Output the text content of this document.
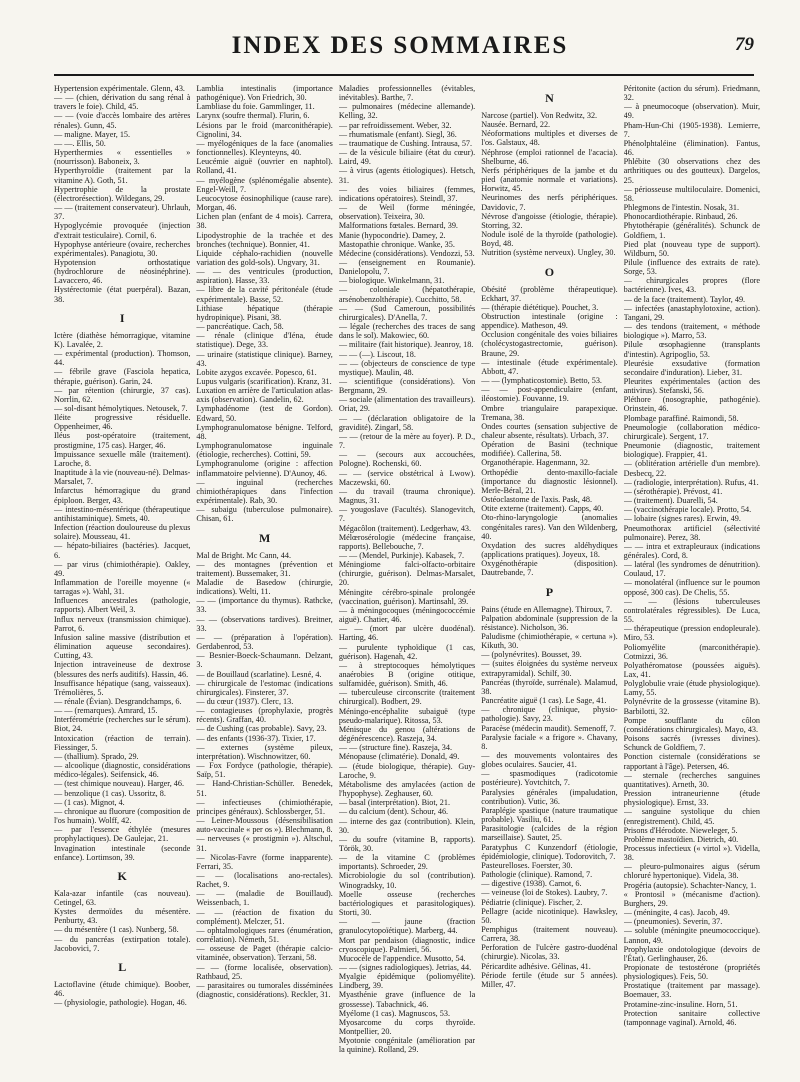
INDEX DES SOMMAIRES	79
Hypertension expérimentale. Glenn, 43.
— — (chien, dérivation du sang rénal à travers le foie). Child, 45.
— — (voie d'accès lombaire des artères rénales). Gunn, 45.
— maligne. Mayer, 15.
— —. Ellis, 50.
Hyperthermies « essentielles » (nourrisson). Baboneix, 3.
Hyperthyroïdie (traitement par la vitamine A). Goth, 51.
Hypertrophie de la prostate (électrorésection). Wildegans, 29.
— — (traitement conservateur). Uhrlauh, 37.
Hypoglycémie provoquée (injection d'extrait testiculaire). Cornil, 6.
Hypophyse antérieure (ovaire, recherches expérimentales). Panagiotu, 30.
Hypotension orthostatique (hydrochlorure de néosinéphrine). Lavaccero, 46.
Hystérectomie (état puerpéral). Bazan, 38.
I
Ictère (diathèse hémorragique, vitamine K). Lavalée, 2.
— expérimental (production). Thomson, 44.
— fébrile grave (Fasciola hepatica, thérapie, guérison). Garin, 24.
— par rétention (chirurgie, 37 cas). Norrlin, 62.
— sol-disant hémolytiques. Netousek, 7.
Iléite progressive résiduelle. Oppenheimer, 46.
Iléus post-opératoire (traitement, prostigmine, 175 cas). Harger, 46.
Impuissance sexuelle mâle (traitement). Laroche, 8.
Inaptitude à la vie (nouveau-né). Delmas-Marsalet, 7.
Infarctus hémorragique du grand épiploon. Berger, 43.
— intestino-mésentérique (thérapeutique antihistaminique). Smets, 40.
Infection (réaction douloureuse du plexus solaire). Mousseau, 41.
— hépato-biliaires (bactéries). Jacquet, 6.
— par virus (chimiothérapie). Oakley, 49.
Inflammation de l'oreille moyenne (« tarragas »). Wahl, 31.
Influences ancestrales (pathologie, rapports). Albert Weil, 3.
Influx nerveux (transmission chimique). Parrot, 6.
Infusion saline massive (distribution et élimination aqueuse secondaires). Cutting, 43.
Injection intraveineuse de dextrose (blessures des nerfs auditifs). Hassin, 46.
Insuffisance hépatique (sang, vaisseaux). Trémolières, 5.
— rénale (Évian). Desgrandchamps, 6.
— — (remarques). Amrard, 15.
Interférométrie (recherches sur le sérum). Biot, 24.
Intoxication (réaction de terrain). Fiessinger, 5.
— (thallium). Sprado, 29.
— alcoolique (diagnostic, considérations médico-légales). Seifensick, 46.
— (test chimique nouveau). Harger, 46.
— benzolique (1 cas). Ussoritz, 8.
— (1 cas). Mignot, 4.
— chronique au fluorure (composition de l'os humain). Wolff, 42.
— par l'essence éthylée (mesures prophylactiques). De Gaulejac, 21.
Invagination intestinale (seconde enfance). Lortimson, 39.
K
Kala-azar infantile (cas nouveau). Cetingel, 63.
Kystes dermoïdes du mésentère. Penburty, 43.
— du mésentère (1 cas). Nunberg, 58.
— du pancréas (extirpation totale). Jacobovici, 7.
L
Lactoflavine (étude chimique). Boober, 46.
— (physiologie, pathologie). Hogan, 46.
Lamblia intestinalis (importance pathogénique). Von Friedrich, 30.
Lambliase du foie. Gammlinger, 11.
Larynx (soufre thermal). Flurin, 6.
Lésions par le froid (marconithérapie). Cignolini, 34.
— myélogéniques de la face (anomalies fonctionnelles). Kleynteyns, 40.
Leucémie aiguë (ouvrier en naphtol). Rolland, 41.
— myélogène (splénomégalie absente). Engel-Weill, 7.
Leucocytose éosinophilique (cause rare). Morgan, 46.
Lichen plan (enfant de 4 mois). Carrera, 38.
Lipodystrophie de la trachée et des bronches (technique). Bonnier, 41.
Liquide céphalo-rachidien (nouvelle variation des gold-sols). Ungvary, 31.
— — des ventricules (production, aspiration). Hasse, 33.
— libre de la cavité péritonéale (étude expérimentale). Basse, 52.
Lithiase hépatique (thérapie hydropinique). Pisani, 38.
— pancréatique. Cach, 58.
— rénale (clinique d'Iéna, étude statistique). Dege, 33.
— urinaire (statistique clinique). Barney, 43.
Lobite azygos excavée. Popesco, 61.
Lupus vulgaris (scarification). Kranz, 31.
Luxation en arrière de l'articulation atlas-axis (observation). Gandelin, 62.
Lymphadénome (test de Gordon). Edward, 50.
Lymphogranulomatose bénigne. Telford, 48.
Lymphogranulomatose inguinale (étiologie, recherches). Cottini, 59.
Lymphogranulome (origine : affection inflammatoire pelvienne). D'Aunoy, 46.
— inguinal (recherches chimiothérapiques dans l'infection expérimentale). Rab, 30.
— subaigu (tuberculose pulmonaire). Chisan, 61.
M
Mal de Bright. Mc Cann, 44.
— des montagnes (prévention et traitement). Bussemaker, 31.
Maladie de Basedow (chirurgie, indications). Welti, 11.
— — (importance du thymus). Rathcke, 33.
— — (observations tardives). Breitner, 33.
— — (préparation à l'opération). Gerdabenrod, 53.
— Besnier-Boeck-Schaumann. Delzant, 3.
— de Bouillaud (scarlatine). Lesné, 4.
— chirurgicale de l'estomac (indications chirurgicales). Finsterer, 37.
— du cœur (1937). Clerc, 13.
— contagieuses (prophylaxie, progrès récents). Graffan, 40.
— de Cushing (cas probable). Savy, 23.
— des enfants (1936-37). Tixier, 17.
— externes (système pileux, interprétation). Wischnowitzer, 60.
— Fox Fordyce (pathologie, thérapie). Saïp, 51.
— Hand-Christian-Schüller. Benedek, 51.
— infectieuses (chimiothérapie, principes généraux). Schlossberger, 51.
— Leiner-Moussous (désensibilisation auto-vaccinale « per os »). Blechmann, 8.
— nerveuses (« prostigmin »). Altschul, 31.
— Nicolas-Favre (forme inapparente). Ferrari, 35.
— — (localisations ano-rectales). Rachet, 9.
— — (maladie de Bouillaud). Weissenbach, 1.
— — (réaction de fixation du complément). Melczer, 51.
— ophtalmologiques rares (énumération, corrélation). Németh, 51.
— osseuse de Paget (thérapie calcio-vitaminée, observation). Terzani, 58.
— — (forme localisée, observation). Rathbaud, 25.
— parasitaires ou tumorales disséminées (diagnostic, considérations). Reckler, 31.
Maladies professionnelles (évitables, inévitables). Barthe, 7.
— pulmonaires (médecine allemande). Kelling, 32.
— par refroidissement. Weber, 32.
— rhumatismale (enfant). Siegl, 36.
— traumatique de Cushing. Intrausa, 57.
— de la vésicule biliaire (état du cœur). Laird, 49.
— à virus (agents étiologiques). Hetsch, 31.
— des voies biliaires (femmes, indications opératoires). Steindl, 37.
— de Weil (forme méningée, observation). Teixeira, 30.
Malformations fœtales. Bernard, 39.
Manie (hypocondrie). Damey, 2.
Mastopathie chronique. Wanke, 35.
Médecine (considérations). Vendozzi, 53.
— (enseignement en Roumanie). Danielopolu, 7.
— biologique. Winkelmann, 31.
— coloniale (hépatothérapie, arsénobenzolthérapie). Cucchitto, 58.
— — (Sud Cameroun, possibilités chirurgicales). D'Anella, 7.
— légale (recherches des traces de sang dans le sol). Makowiec, 60.
— militaire (fait historique). Jeanroy, 18.
— — (—). Liscout, 18.
— — (objecteurs de conscience de type mystique). Maulin, 48.
— scientifique (considérations). Von Bergmann, 29.
— sociale (alimentation des travailleurs). Oriat, 29.
— — (déclaration obligatoire de la gravidité). Zingarl, 58.
— — (retour de la mère au foyer). P. D., 7.
— — (secours aux accouchées, Pologne). Rochenski, 60.
— — (service obstétrical à Lwow). Maczewski, 60.
— du travail (trauma chronique). Magnus, 31.
— yougoslave (Facultés). Slanogevitch, 7.
Mégacôlon (traitement). Ledgerhaw, 43.
Mélœrosérologie (médecine française, rapports). Bellebouche, 7.
— — (Mendel, Purkinje). Kabasek, 7.
Méningiome falci-olfacto-orbitaire (chirurgie, guérison). Delmas-Marsalet, 20.
Méningite cérébro-spinale prolongée (vaccination, guérison). Martinsahl, 39.
— à méningocoques (méningococcémie aiguë). Chatier, 46.
— — (mort par ulcère duodénal). Harting, 46.
— purulente typhoïdique (1 cas, guérison). Hagenah, 42.
— à streptocoques hémolytiques anaérobies B (origine otitique, sulfamidée, guérison). Smith, 46.
— tuberculeuse circonscrite (traitement chirurgical). Bodbert, 29.
Méningo-encéphalite subaiguë (type pseudo-malarique). Ritossa, 53.
Ménisque du genou (altérations de dégénérescence). Raszeja, 34.
— — (structure fine). Raszeja, 34.
Ménopause (climatérie). Donald, 49.
— (étude biologique, thérapie). Guy-Laroche, 9.
Métabolisme des amylacées (action de l'hypophyse). Zeghauser, 60.
— basal (interprétation). Biot, 21.
— du calcium (dent). Schour, 46.
— interne des gaz (contribution). Klein, 30.
— du soufre (vitamine B, rapports). Török, 30.
— de la vitamine C (problèmes importants). Schroeder, 29.
Microbiologie du sol (contribution). Winogradsky, 10.
Moelle osseuse (recherches bactériologiques et parasitologiques). Storti, 30.
— — jaune (fraction granulocytopoïétique). Marberg, 44.
Mort par pendaison (diagnostic, indice cryoscopique). Palmieri, 56.
Mucocèle de l'appendice. Musotto, 54.
— — (signes radiologiques). Jetrias, 44.
Myalgie épidémique (poliomyélite). Lindberg, 39.
Myasthénie grave (influence de la grossesse). Tabachnick, 46.
Myélome (1 cas). Magnuscos, 53.
Myosarcome du corps thyroïde. Montpellier, 20.
Myotonie congénitale (amélioration par la quinine). Rolland, 29.
N
Narcose (partiel). Von Redwitz, 32.
Nausée. Bernard, 22.
Néoformations multiples et diverses de l'os. Galstaux, 48.
Néphrose (emploi rationnel de l'acacia). Shelburne, 46.
Nerfs périphériques de la jambe et du pied (anatomie normale et variations). Horwitz, 45.
Neurinomes des nerfs périphériques. Davidovic, 7.
Névrose d'angoisse (étiologie, thérapie). Storring, 32.
Nodule isolé de la thyroïde (pathologie). Boyd, 48.
Nutrition (système nerveux). Ungley, 30.
O
Obésité (problème thérapeutique). Eckhart, 37.
— (thérapie diététique). Pouchet, 3.
Obstruction intestinale (origine : appendice). Matheson, 49.
Occlusion congénitale des voies biliaires (cholécystogastrectomie, guérison). Braune, 29.
— intestinale (étude expérimentale). Abbott, 47.
— — (lymphaticostomie). Betto, 53.
— — post-appendiculaire (enfant, iléostomie). Fouvanne, 19.
Ombre triangulaire parapexique. Tremana, 38.
Ondes courtes (sensation subjective de chaleur absente, résultats). Urbach, 37.
Opération de Basini (technique modifiée). Callerina, 58.
Organothérapie. Hagenmann, 32.
Orthopédie dento-maxillo-faciale (importance du diagnostic lésionnel). Merle-Béral, 21.
Ostéoclastome de l'axis. Pask, 48.
Otite externe (traitement). Capps, 40.
Oto-rhino-laryngologie (anomalies congénitales rares). Van den Wildenberg, 40.
Oxydation des sucres aldéhydiques (applications pratiques). Joyeux, 18.
Oxygénothérapie (disposition). Dautrebande, 7.
P
Pains (étude en Allemagne). Thiroux, 7.
Palpation abdominale (suppression de la résistance). Nicholson, 36.
Paludisme (chimiothérapie, « certuna »). Kikuth, 30.
— (polynévrites). Bousset, 39.
— (suites éloignées du système nerveux extrapyramidal). Schilf, 30.
Pancréas (thyroïde, surrénale). Malamud, 38.
Pancréatite aiguë (1 cas). Le Sage, 41.
— chronique (clinique, physio-pathologie). Savy, 23.
Paracèse (médecin maudit). Semenoff, 7.
Paralysie faciale « a frigore ». Chavany, 8.
— des mouvements volontaires des globes oculaires. Saucier, 41.
— spasmodiques (radicotomie postérieure). Yovtchitch, 7.
Paralysies générales (impaludation, contribution). Vutic, 36.
Paraplégie spastique (nature traumatique probable). Vasiliu, 61.
Parasitologie (calcides de la région marseillaise). Sautet, 25.
Paratyphus C Kunzendorf (étiologie, épidémiologie, clinique). Todorovitch, 7.
Pasteurelloses. Foerster, 30.
Pathologie (clinique). Ramond, 7.
— digestive (1938). Carnot, 6.
— veineuse (loi de Stokes). Laubry, 7.
Pédiatrie (clinique). Fischer, 2.
Pellagre (acide nicotinique). Hawksley, 50.
Pemphigus (traitement nouveau). Carrera, 38.
Perforation de l'ulcère gastro-duodénal (chirurgie). Nicolas, 33.
Péricardite adhésive. Gélinas, 41.
Période fertile (étude sur 5 années). Miller, 47.
Péritonite (action du sérum). Friedmann, 32.
— à pneumocoque (observation). Muir, 49.
Pham-Hun-Chi (1905-1938). Lemierre, 7.
Phénolphtaléine (élimination). Fantus, 46.
Phlébite (30 observations chez des arthritiques ou des goutteux). Dargelos, 25.
— périosseuse multiloculaire. Domenici, 58.
Phlegmons de l'intestin. Nosak, 31.
Phonocardiothérapie. Rinbaud, 26.
Phytothérapie (généralités). Schunck de Goldfiem, 1.
Pied plat (nouveau type de support). Wildburn, 50.
Pilule (influence des extraits de rate). Sorge, 53.
— chirurgicales propres (flore bactérienne). Ives, 43.
— de la face (traitement). Taylor, 49.
— infectées (anastaphylotoxine, action). Tangani, 29.
— des tendons (traitement, « méthode biologique »). Marro, 53.
Pilule œsophagienne (transplants d'intestin). Agripoglio, 53.
Pleurésie exsudative (formation secondaire d'induration). Lieber, 31.
Pleurites expérimentales (action des antivirus). Stefanski, 56.
Pléthore (nosographie, pathogénie). Orinstein, 46.
Plombage paraffiné. Raimondi, 58.
Pneumologie (collaboration médico-chirurgicale). Sergent, 17.
Pneumonie (diagnostic, traitement biologique). Frappier, 41.
— (oblitération artérielle d'un membre). Desbecq, 22.
— (radiologie, interprétation). Rufus, 41.
— (sérothérapie). Prévost, 41.
— (traitement). Duarelli, 54.
— (vaccinothérapie locale). Protto, 54.
— lobaire (signes rares). Erwin, 49.
Pneumothorax artificiel (sélectivité pulmonaire). Perez, 38.
— — intra et extrapleuraux (indications générales). Cord, 8.
— latéral (les syndromes de dénutrition). Coulaud, 17.
— monolatéral (influence sur le poumon opposé, 300 cas). De Chelis, 55.
— — (lésions tuberculeuses controlatérales régressibles). De Luca, 55.
— thérapeutique (pression endopleurale). Miro, 53.
Poliomyélite (marconithérapie). Cotmizzi, 36.
Polyathéromatose (poussées aiguës). Lax, 41.
Polyglobulie vraie (étude physiologique). Lamy, 55.
Polynévrite de la grossesse (vitamine B). Barbilotti, 32.
Pompe soufflante du côlon (considérations chirurgicales). Mayo, 43.
Poisons sacrés (ivresses divines). Schunck de Goldfiem, 7.
Ponction cisternale (considérations se rapportant à l'âge). Petersen, 46.
— sternale (recherches sanguines quantitatives). Arneth, 30.
Pression intraneurienne (étude physiologique). Ernst, 33.
— sanguine systolique du chien (enregistrement). Child, 45.
Prisons d'Hérodote. Nieweleger, 5.
Problème mastoïdien. Dietrich, 40.
Processus infectieux (« virtol »). Vidella, 38.
— pleuro-pulmonaires aigus (sérum chloruré hypertonique). Videla, 38.
Progéria (autopsie). Schachter-Nancy, 1.
« Prontosil » (mécanisme d'action). Burghers, 29.
— (méningite, 4 cas). Jacob, 49.
— (pneumonies). Severin, 37.
— soluble (méningite pneumococcique). Lannon, 49.
Prophylaxie ondotologique (devoirs de l'État). Gerlinghauser, 26.
Propionate de testostérone (propriétés physiologiques). Feis, 50.
Prostatique (traitement par massage). Boemauer, 33.
Protamine-zinc-insuline. Horn, 51.
Protection sanitaire collective (tamponnage vaginal). Arnold, 46.
